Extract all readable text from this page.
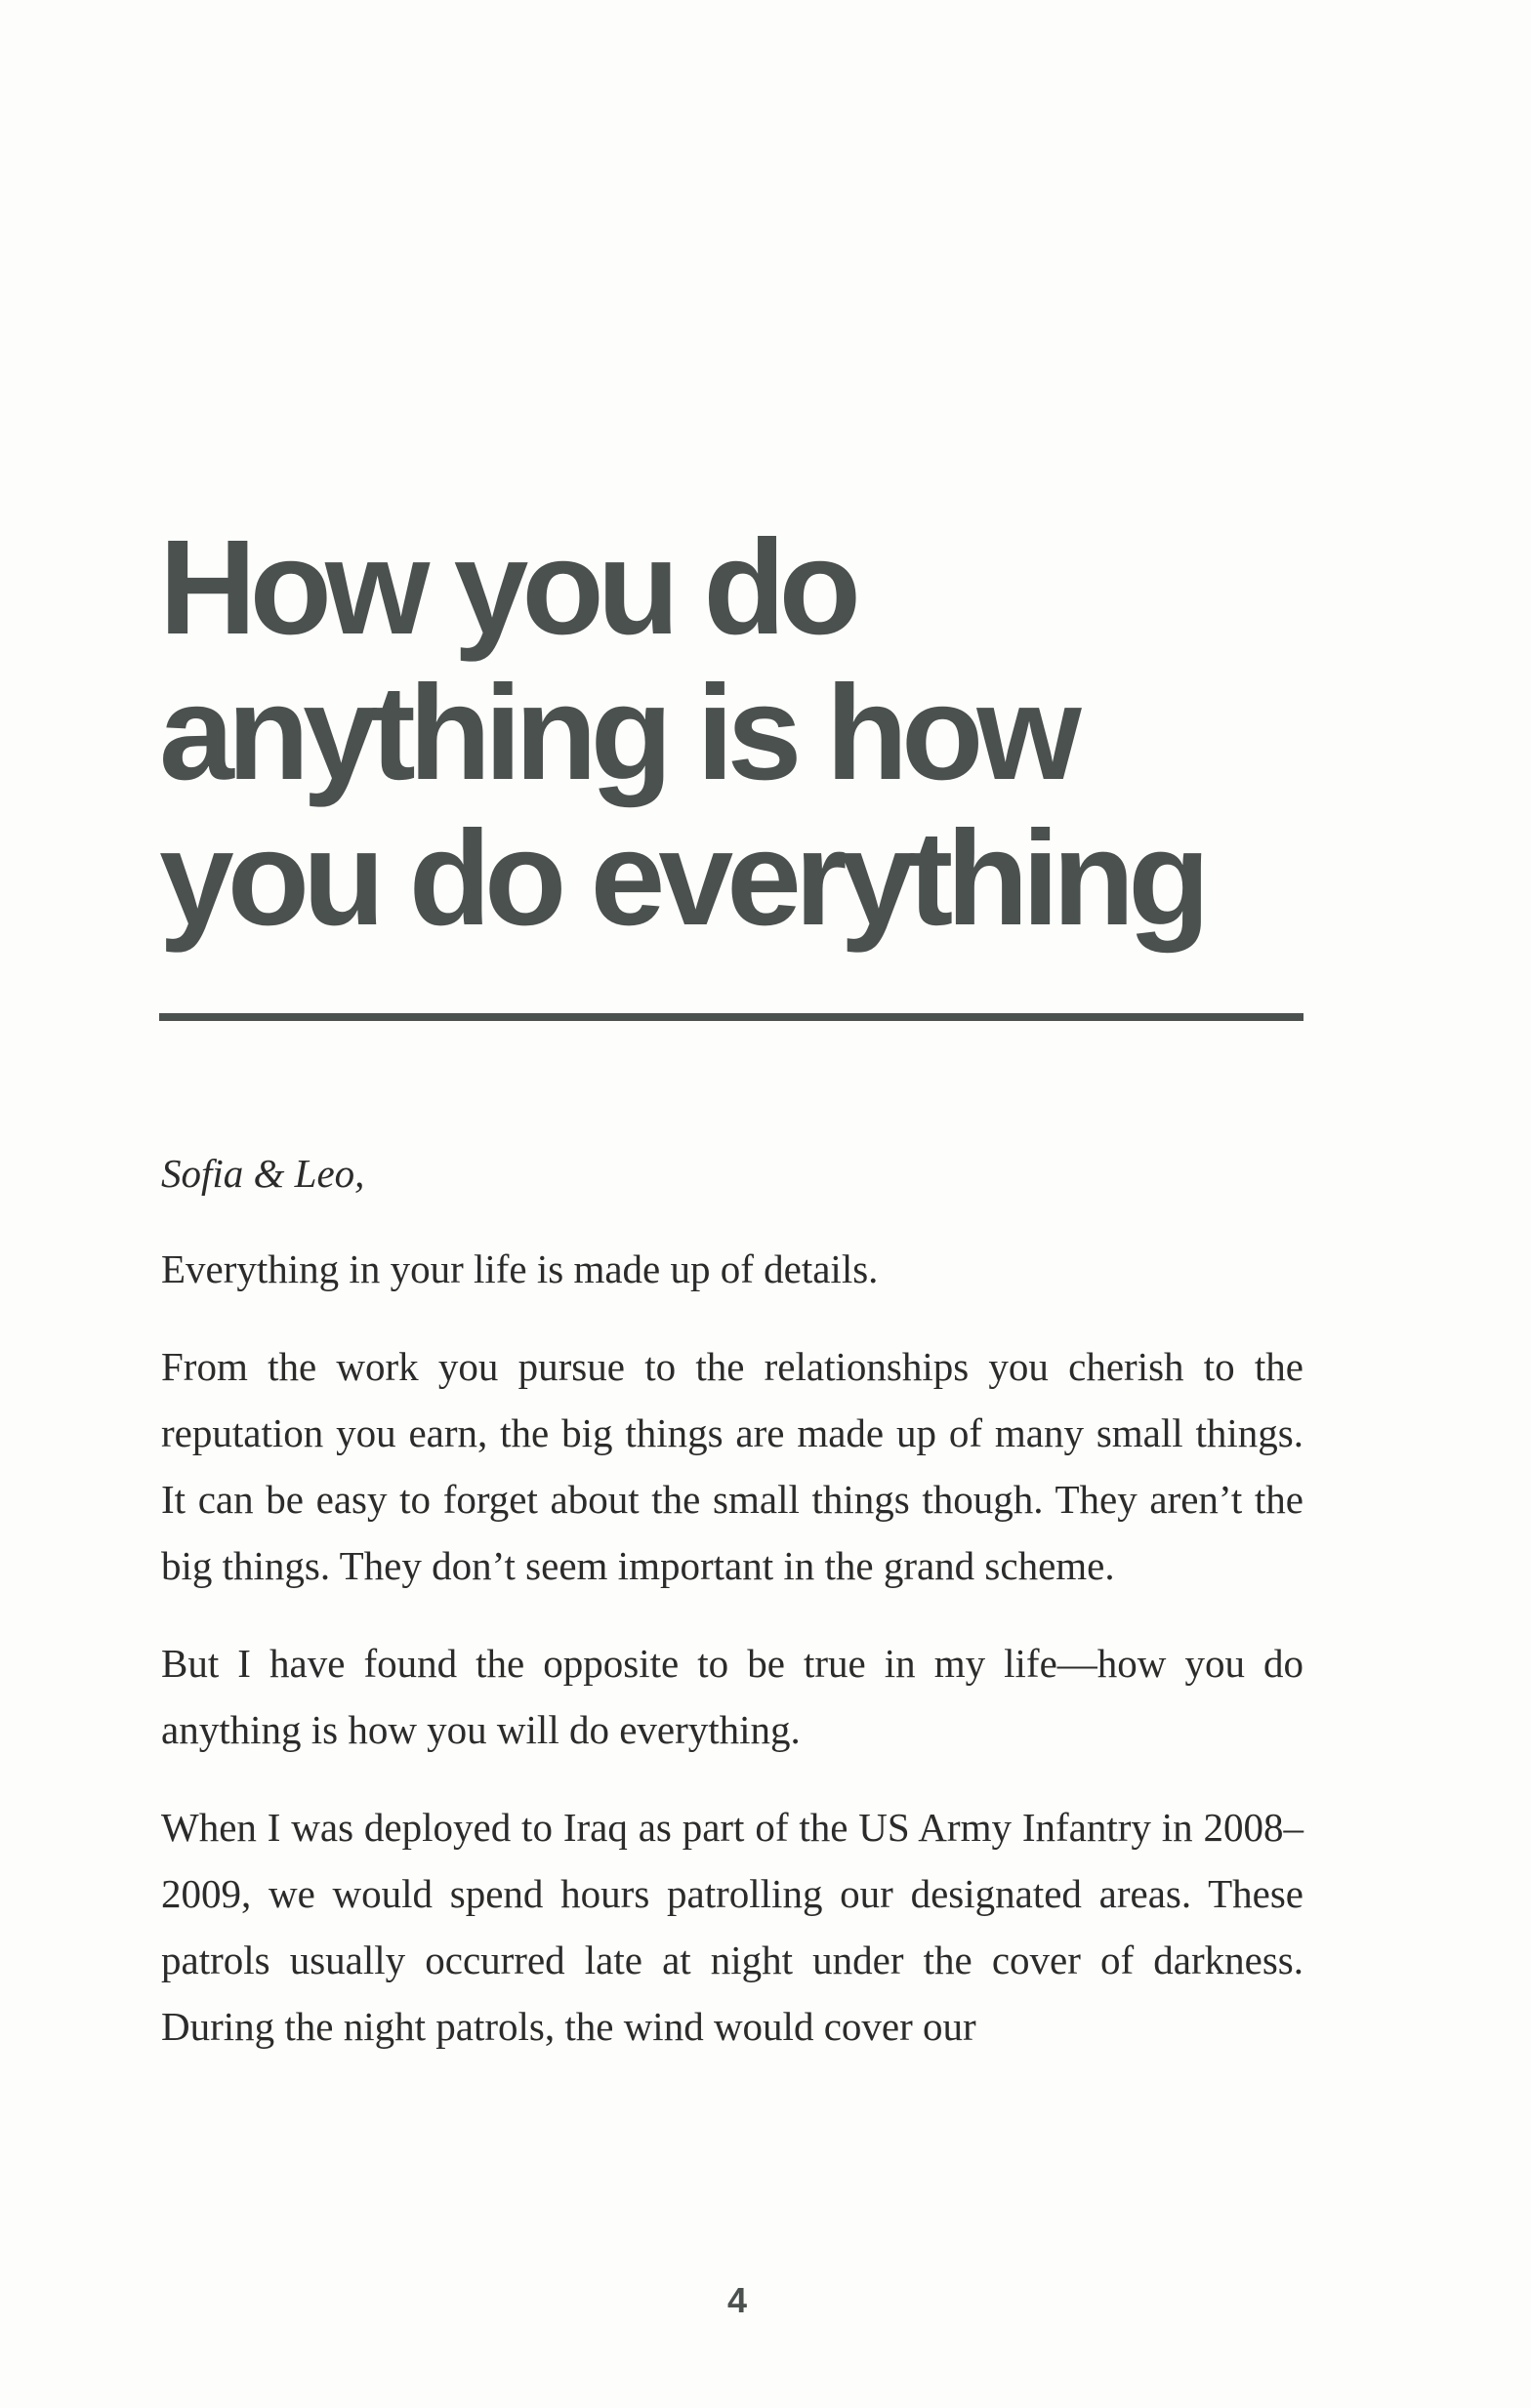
How you do
anything is how
you do everything

Sofia & Leo,

Everything in your life is made up of details.

From the work you pursue to the relationships you cherish to the reputation you earn, the big things are made up of many small things. It can be easy to forget about the small things though. They aren’t the big things. They don’t seem important in the grand scheme.

But I have found the opposite to be true in my life—how you do anything is how you will do everything.

When I was deployed to Iraq as part of the US Army Infantry in 2008–2009, we would spend hours patrolling our designated areas. These patrols usually occurred late at night under the cover of darkness. During the night patrols, the wind would cover our

4
